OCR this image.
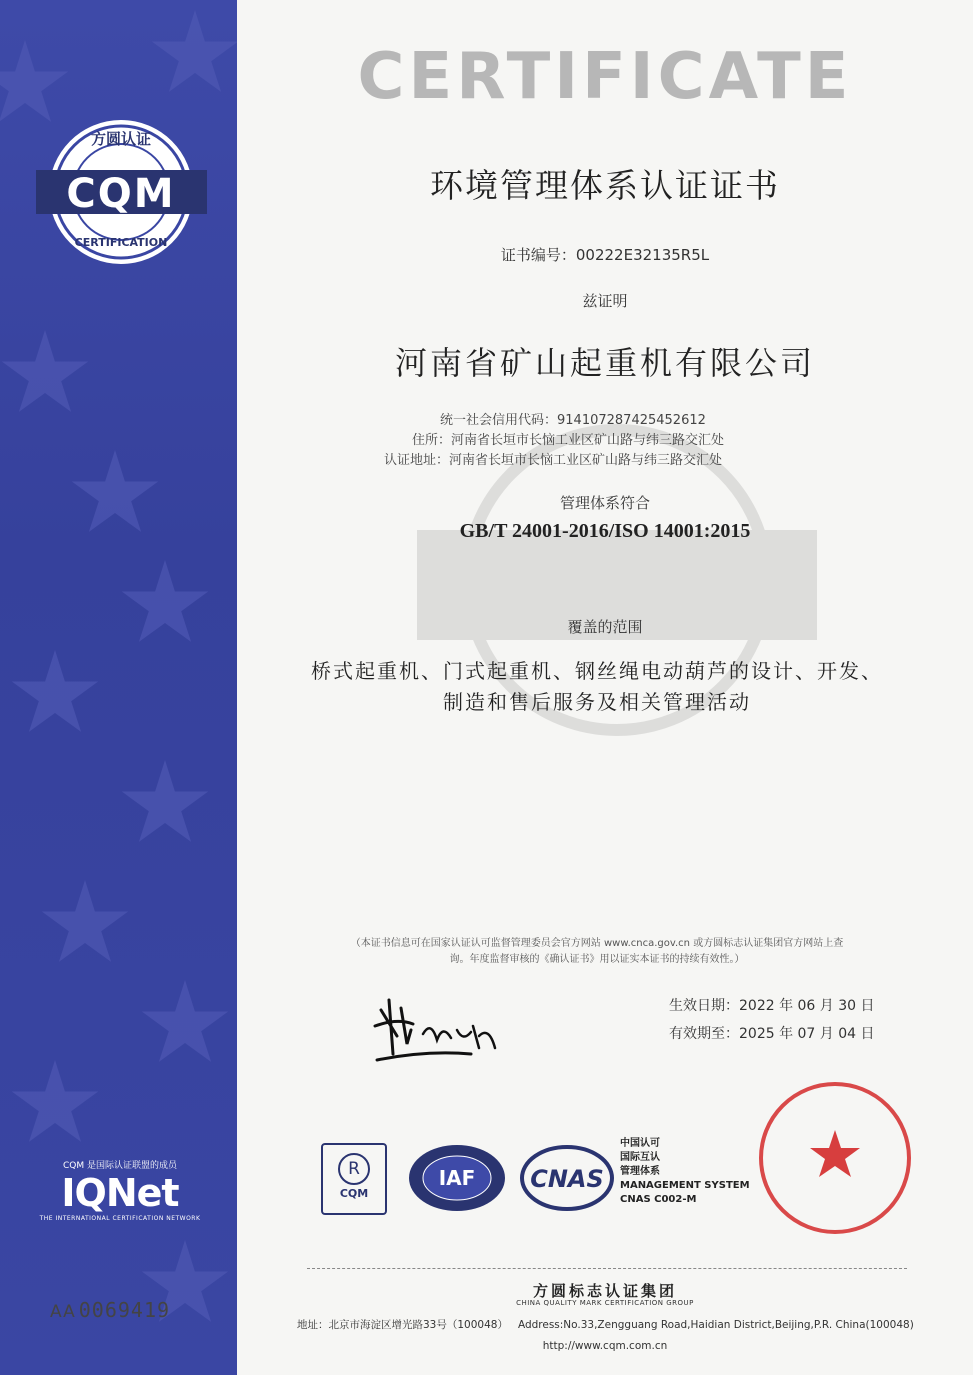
方圆认证
CQM
CERTIFICATION
CQM 是国际认证联盟的成员
IQNet
THE INTERNATIONAL CERTIFICATION NETWORK
AA 0069419
CERTIFICATE
环境管理体系认证证书
证书编号：00222E32135R5L
兹证明
河南省矿山起重机有限公司
统一社会信用代码：914107287425452612
住所：河南省长垣市长恼工业区矿山路与纬三路交汇处
认证地址：河南省长垣市长恼工业区矿山路与纬三路交汇处
管理体系符合
GB/T 24001-2016/ISO 14001:2015
覆盖的范围
桥式起重机、门式起重机、钢丝绳电动葫芦的设计、开发、制造和售后服务及相关管理活动
（本证书信息可在国家认证认可监督管理委员会官方网站 www.cnca.gov.cn 或方圆标志认证集团官方网站上查
询。年度监督审核的《确认证书》用以证实本证书的持续有效性。）
生效日期：2022 年 06 月 30 日
有效期至：2025 年 07 月 04 日
R
CQM
IAF CNAS
中国认可
国际互认
管理体系
MANAGEMENT SYSTEM
CNAS C002-M
方圆标志认证集团
CHINA QUALITY MARK CERTIFICATION GROUP
地址：北京市海淀区增光路33号（100048） Address:No.33,Zengguang Road,Haidian District,Beijing,P.R. China(100048)
http://www.cqm.com.cn
